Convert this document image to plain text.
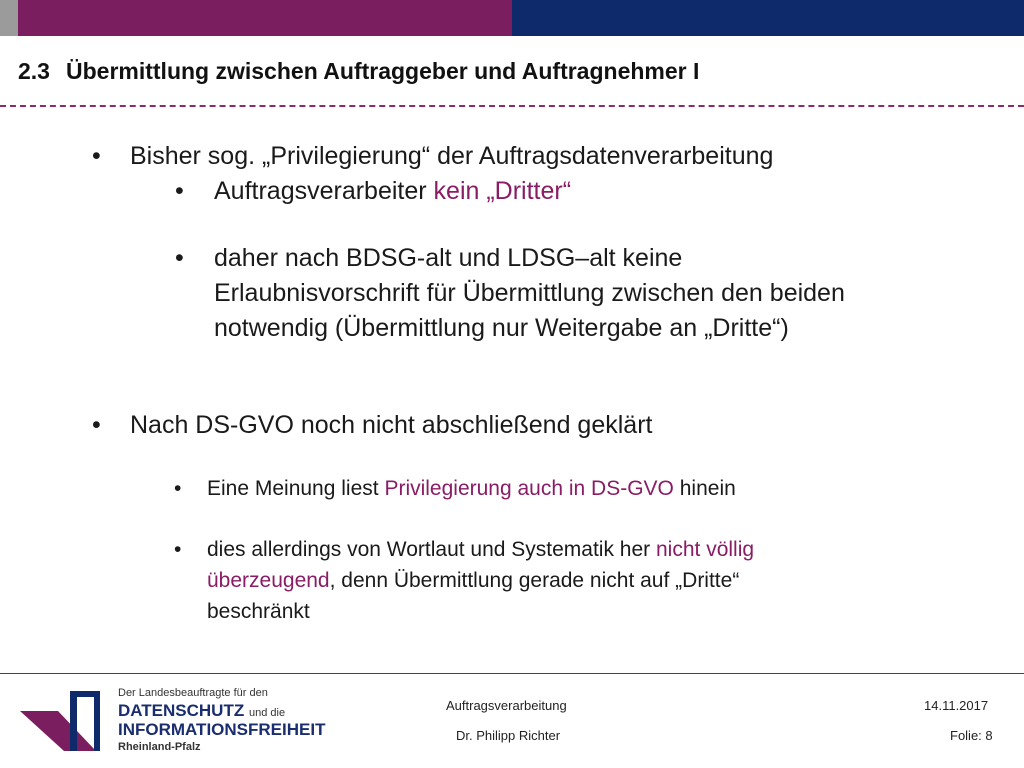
2.3 Übermittlung zwischen Auftraggeber und Auftragnehmer I
• Bisher sog. „Privilegierung“ der Auftragsdatenverarbeitung
• Auftragsverarbeiter kein „Dritter“
• daher nach BDSG-alt und LDSG–alt keine
Erlaubnisvorschrift für Übermittlung zwischen den beiden
notwendig (Übermittlung nur Weitergabe an „Dritte“)
• Nach DS-GVO noch nicht abschließend geklärt
• Eine Meinung liest Privilegierung auch in DS-GVO hinein
• dies allerdings von Wortlaut und Systematik her nicht völlig
überzeugend, denn Übermittlung gerade nicht auf „Dritte“
beschränkt
Der Landesbeauftragte für den
DATENSCHUTZ und die
INFORMATIONSFREIHEIT
Rheinland-Pfalz
Auftragsverarbeitung
Dr. Philipp Richter
14.11.2017
Folie: 8
